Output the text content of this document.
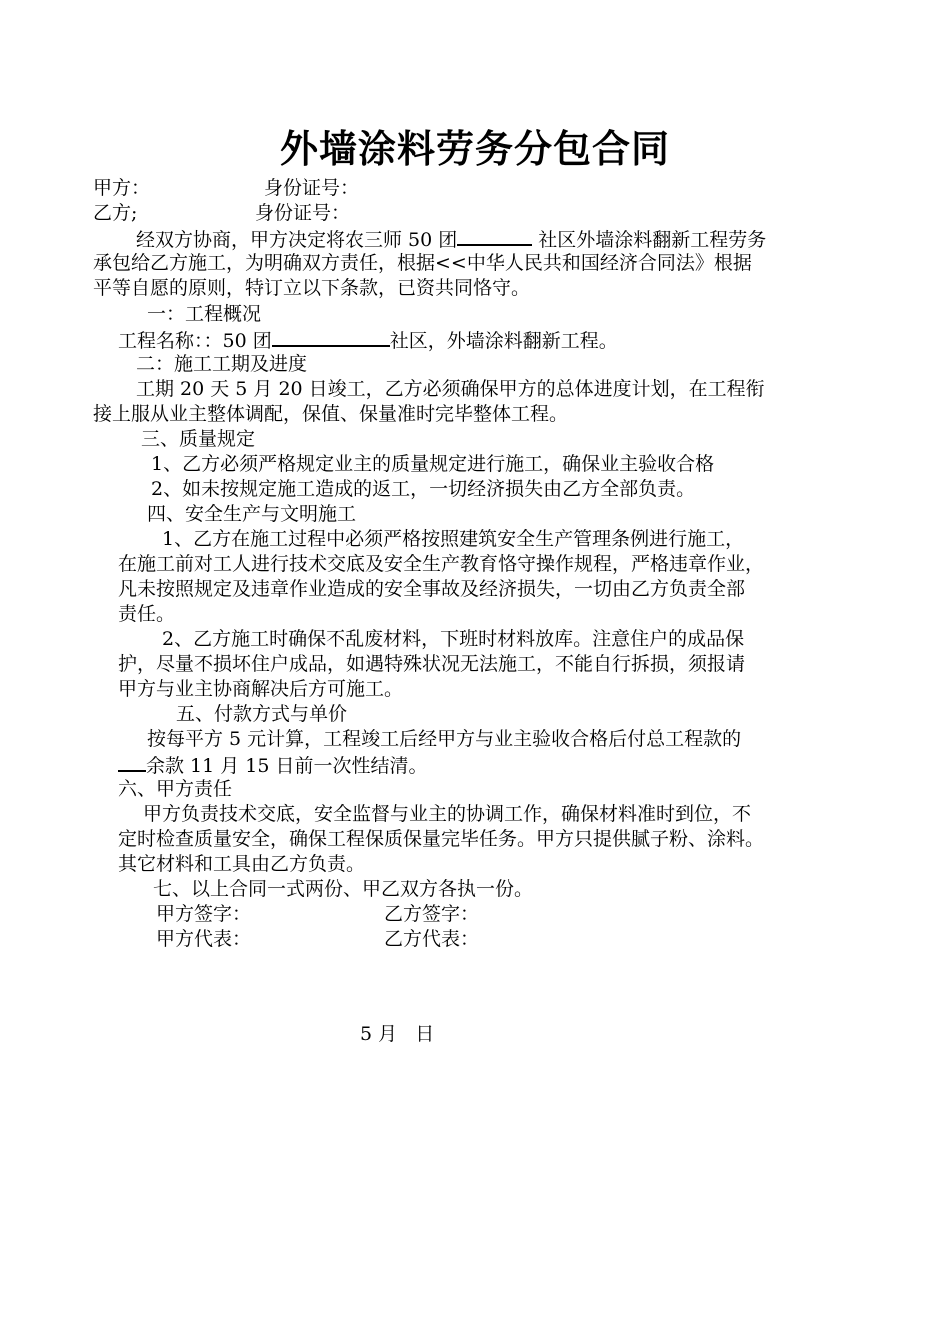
外墙涂料劳务分包合同
甲方：	身份证号：
乙方;	身份证号：
经双方协商，甲方决定将农三师 50 团	社区外墙涂料翻新工程劳务
承包给乙方施工，为明确双方责任，根据<<中华人民共和国经济合同法》根据
平等自愿的原则，特订立以下条款，已资共同恪守。
一：工程概况
工程名称：：50 团	社区，外墙涂料翻新工程。
二：施工工期及进度
工期 20 天 5 月 20 日竣工，乙方必须确保甲方的总体进度计划，在工程衔
接上服从业主整体调配，保值、保量准时完毕整体工程。
三、质量规定
1、乙方必须严格规定业主的质量规定进行施工，确保业主验收合格
2、如未按规定施工造成的返工，一切经济损失由乙方全部负责。
四、安全生产与文明施工
1、乙方在施工过程中必须严格按照建筑安全生产管理条例进行施工，
在施工前对工人进行技术交底及安全生产教育恪守操作规程，严格违章作业，
凡未按照规定及违章作业造成的安全事故及经济损失，一切由乙方负责全部
责任。
2、乙方施工时确保不乱废材料，下班时材料放库。注意住户的成品保
护，尽量不损坏住户成品，如遇特殊状况无法施工，不能自行拆损，须报请
甲方与业主协商解决后方可施工。
五、付款方式与单价
按每平方 5 元计算，工程竣工后经甲方与业主验收合格后付总工程款的
余款 11 月 15 日前一次性结清。
六、甲方责任
甲方负责技术交底，安全监督与业主的协调工作，确保材料准时到位，不
定时检查质量安全，确保工程保质保量完毕任务。甲方只提供腻子粉、涂料。
其它材料和工具由乙方负责。
七、以上合同一式两份、甲乙双方各执一份。
甲方签字：	乙方签字：
甲方代表：	乙方代表：
5 月   日
